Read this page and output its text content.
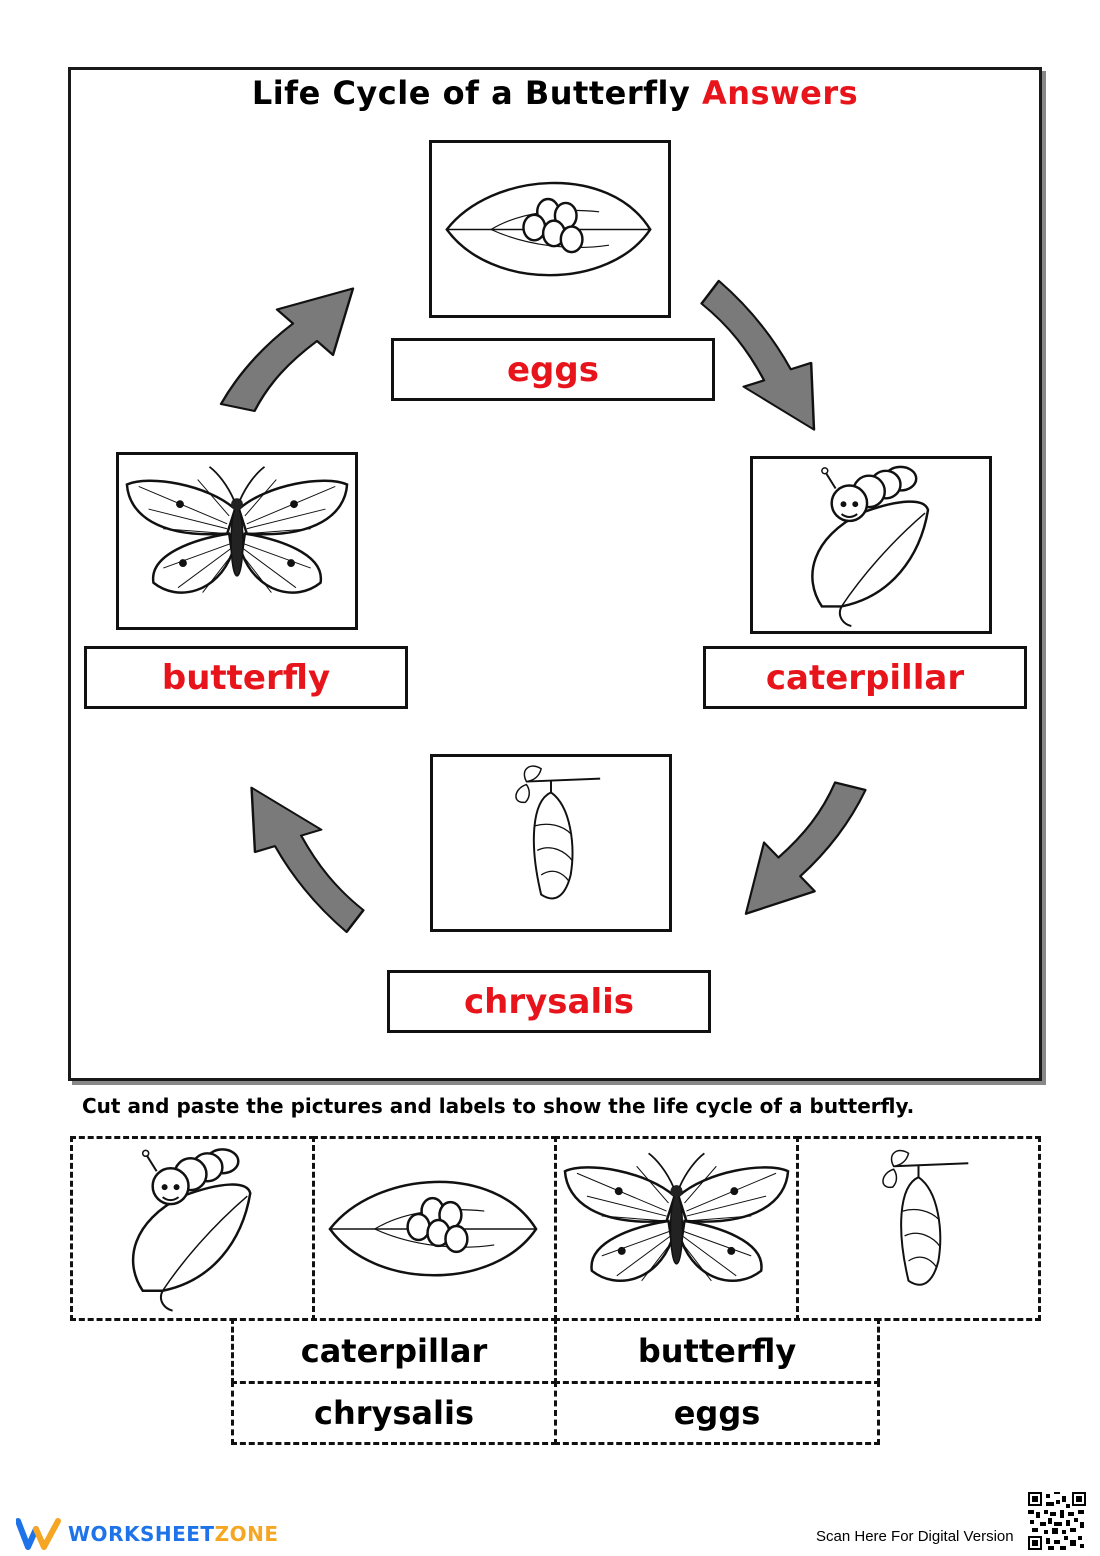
Life Cycle of a Butterfly Answers
eggs
caterpillar
chrysalis
butterfly
Cut and paste the pictures and labels to show the life cycle of a butterfly.
caterpillar	butterfly
chrysalis	eggs
WORKSHEET ZONE	Scan Here For Digital Version
